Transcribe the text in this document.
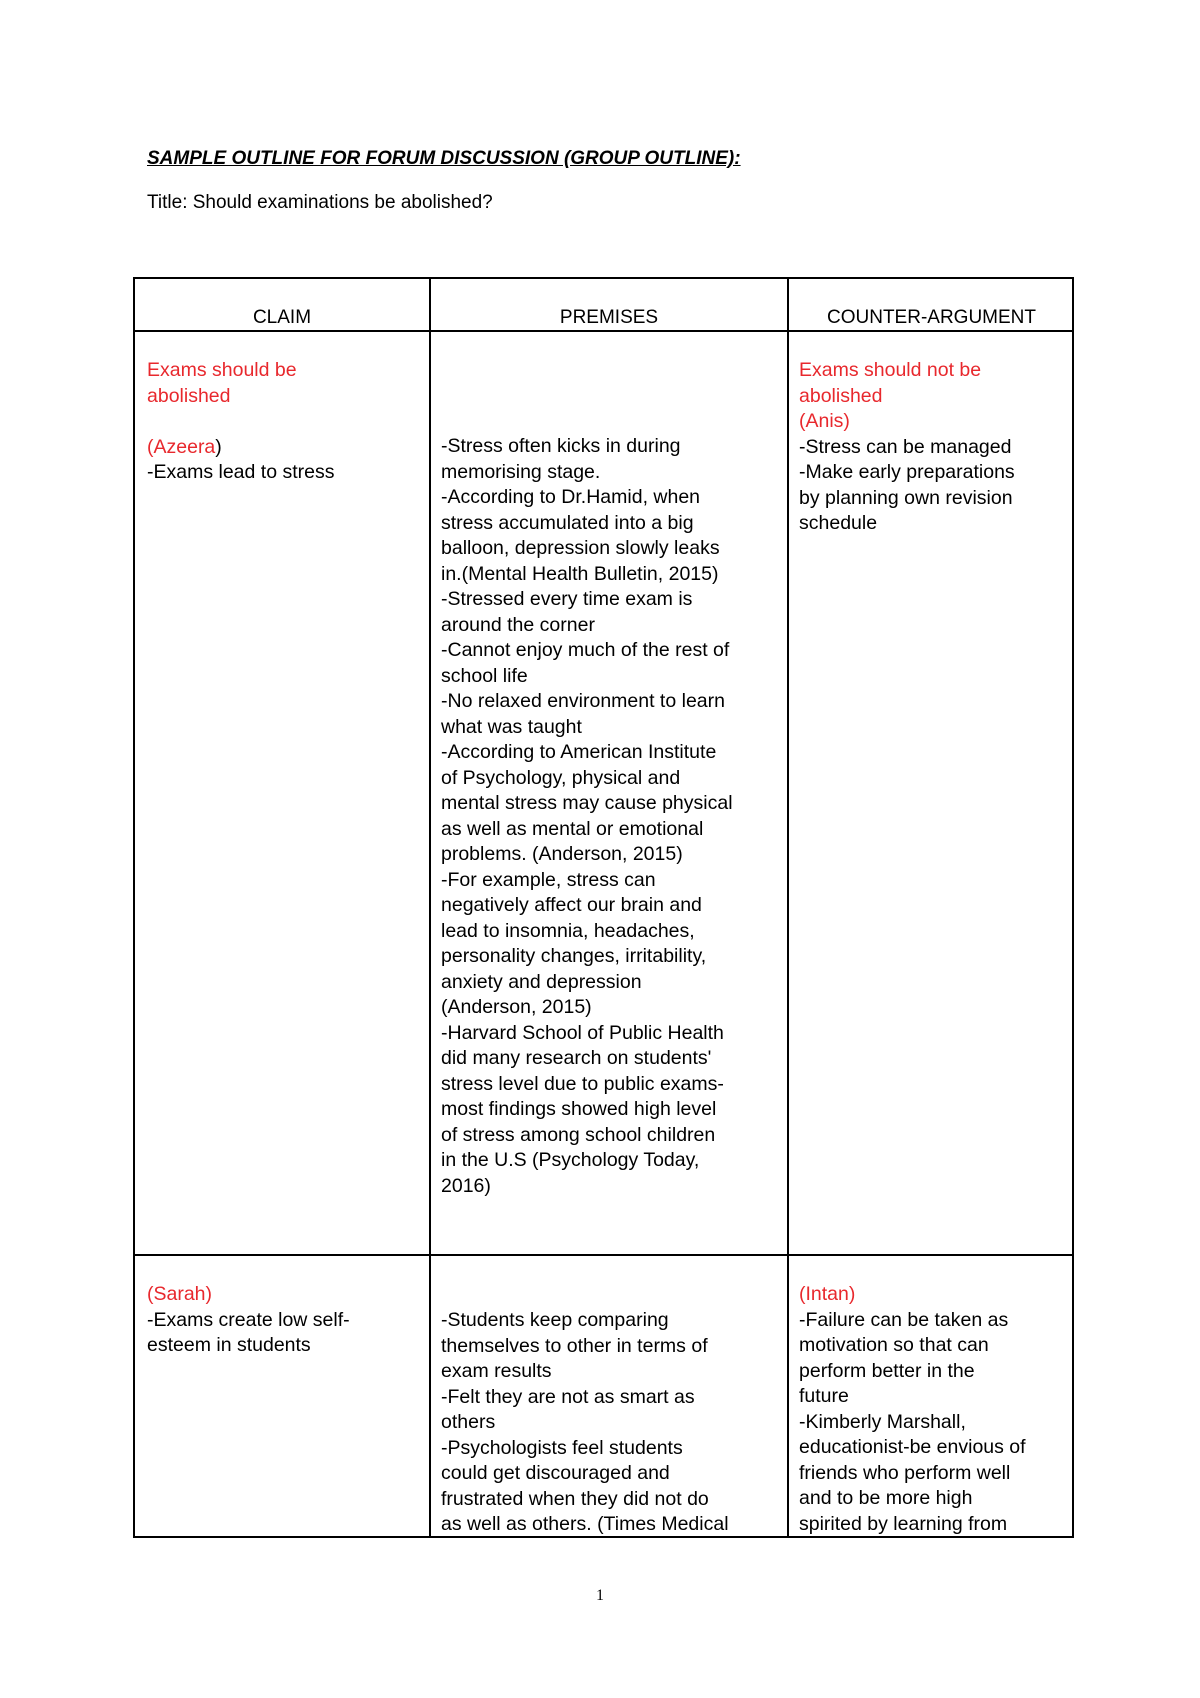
SAMPLE OUTLINE FOR FORUM DISCUSSION (GROUP OUTLINE):
Title: Should examinations be abolished?
CLAIM	PREMISES	COUNTER-ARGUMENT
Exams should be
abolished

(Azeera)
-Exams lead to stress
-Stress often kicks in during
memorising stage.
-According to Dr.Hamid, when
stress accumulated into a big
balloon, depression slowly leaks
in.(Mental Health Bulletin, 2015)
-Stressed every time exam is
around the corner
-Cannot enjoy much of the rest of
school life
-No relaxed environment to learn
what was taught
-According to American Institute
of Psychology, physical and
mental stress may cause physical
as well as mental or emotional
problems. (Anderson, 2015)
-For example, stress can
negatively affect our brain and
lead to insomnia, headaches,
personality changes, irritability,
anxiety and depression
(Anderson, 2015)
-Harvard School of Public Health
did many research on students'
stress level due to public exams-
most findings showed high level
of stress among school children
in the U.S (Psychology Today,
2016)
Exams should not be
abolished
(Anis)
-Stress can be managed
-Make early preparations
by planning own revision
schedule
(Sarah)
-Exams create low self-
esteem in students
-Students keep comparing
themselves to other in terms of
exam results
-Felt they are not as smart as
others
-Psychologists feel students
could get discouraged and
frustrated when they did not do
as well as others. (Times Medical
(Intan)
-Failure can be taken as
motivation so that can
perform better in the
future
-Kimberly Marshall,
educationist-be envious of
friends who perform well
and to be more high
spirited by learning from
1
